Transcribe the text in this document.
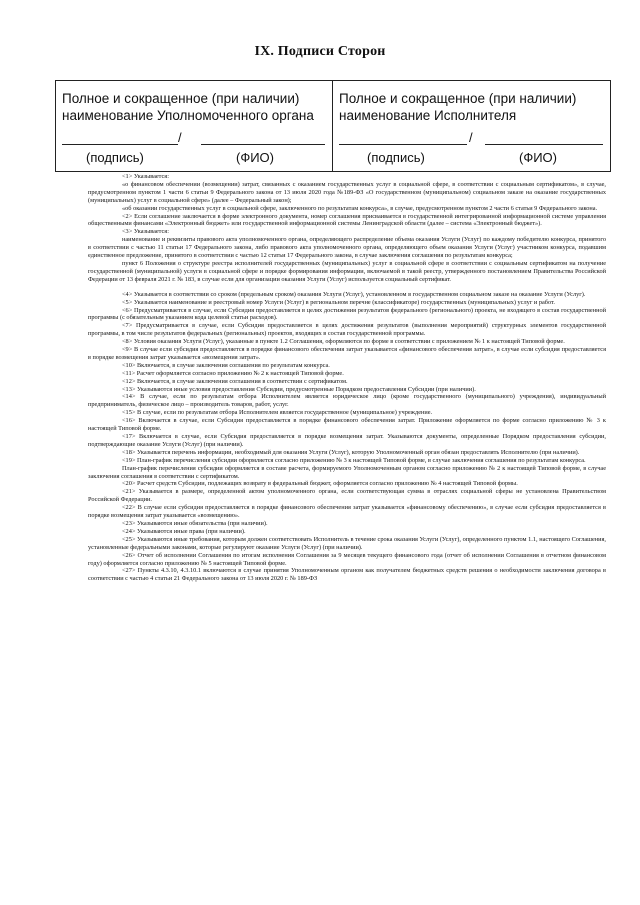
IX. Подписи Сторон
Полное и сокращенное (при наличии) наименование Уполномоченного органа
/
(подпись)	(ФИО)
Полное и сокращенное (при наличии) наименование Исполнителя
/
(подпись)	(ФИО)

<1> Указывается:

«о финансовом обеспечении (возмещении) затрат, связанных с оказанием государственных услуг в социальной сфере, в соответствии с социальным сертификатом», в случае, предусмотренном пунктом 1 части 6 статьи 9 Федерального закона от 13 июля 2020 года №189-ФЗ «О государственном (муниципальном) социальном заказе на оказание государственных (муниципальных) услуг в социальной сфере» (далее – Федеральный закон);

«об оказании государственных услуг в социальной сфере, заключенного по результатам конкурса», в случае, предусмотренном пунктом 2 части 6 статьи 9 Федерального закона.

<2> Если соглашение заключается в форме электронного документа, номер соглашения присваивается в государственной интегрированной информационной системе управления общественными финансами «Электронный бюджет» или государственной информационной системы Ленинградской области (далее – система «Электронный бюджет»).

<3> Указывается:

наименование и реквизиты правового акта уполномоченного органа, определяющего распределение объема оказания Услуги (Услуг) по каждому победителю конкурса, принятого в соответствии с частью 11 статьи 17 Федерального закона, либо правового акта уполномоченного органа, определяющего объем оказания Услуги (Услуг) участником конкурса, подавшим единственное предложение, принятого в соответствии с частью 12 статьи 17 Федерального закона, в случае заключения соглашения по результатам конкурса;

пункт 6 Положения о структуре реестра исполнителей государственных (муниципальных) услуг в социальной сфере в соответствии с социальным сертификатом на получение государственной (муниципальной) услуги в социальной сфере и порядке формирования информации, включаемой в такой реестр, утвержденного постановлением Правительства Российской Федерации от 13 февраля 2021 г. № 183, в случае если для организации оказания Услуги (Услуг) используется социальный сертификат.

<4> Указывается в соответствии со сроком (предельным сроком) оказания Услуги (Услуг), установленном в государственном социальном заказе на оказание Услуги (Услуг).

<5> Указывается наименование и реестровый номер Услуги (Услуг) в региональном перечне (классификаторе) государственных (муниципальных) услуг и работ.

<6> Предусматривается в случае, если Субсидия предоставляется в целях достижения результатов федерального (регионального) проекта, не входящего в состав государственной программы (с обязательным указанием кода целевой статьи расходов).

<7> Предусматривается в случае, если Субсидия предоставляется в целях достижения результатов (выполнения мероприятий) структурных элементов государственной программы, в том числе результатов федеральных (региональных) проектов, входящих в состав государственной программы.

<8> Условия оказания Услуги (Услуг), указанные в пункте 1.2 Соглашения, оформляются по форме в соответствии с приложением № 1 к настоящей Типовой форме.

<9> В случае если субсидия предоставляется в порядке финансового обеспечения затрат указывается «финансового обеспечения затрат», в случае если субсидия предоставляется в порядке возмещения затрат указывается «возмещения затрат».

<10> Включается, в случае заключения соглашения по результатам конкурса.

<11> Расчет оформляется согласно приложению № 2 к настоящей Типовой форме.

<12> Включается, в случае заключения соглашения в соответствии с сертификатом.

<13> Указываются иные условия предоставления Субсидии, предусмотренные Порядком предоставления Субсидии (при наличии).

<14> В случае, если по результатам отбора Исполнителем является юридическое лицо (кроме государственного (муниципального) учреждения), индивидуальный предприниматель, физическое лицо – производитель товаров, работ, услуг.

<15> В случае, если по результатам отбора Исполнителем является государственное (муниципальное) учреждение.

<16> Включается в случае, если Субсидия предоставляется в порядке финансового обеспечения затрат. Приложение оформляется по форме согласно приложению № 3 к настоящей Типовой форме.

<17> Включается в случае, если Субсидия предоставляется в порядке возмещения затрат. Указываются документы, определенные Порядком предоставления субсидии, подтверждающие оказание Услуги (Услуг) (при наличии).

<18> Указывается перечень информации, необходимый для оказания Услуги (Услуг), которую Уполномоченный орган обязан предоставлять Исполнителю (при наличии).

<19> План-график перечисления субсидии оформляется согласно приложению № 3 к настоящей Типовой форме, в случае заключения соглашения по результатам конкурса.

План-график перечисления субсидии оформляется в составе расчета, формируемого Уполномоченным органом согласно приложению № 2 к настоящей Типовой форме, в случае заключения соглашения в соответствии с сертификатом.

<20> Расчет средств Субсидии, подлежащих возврату в федеральный бюджет, оформляется согласно приложению № 4 настоящей Типовой формы.

<21> Указывается в размере, определенной актом уполномоченного органа, если соответствующая сумма в отраслях социальной сферы не установлена Правительством Российской Федерации.

<22> В случае если субсидия предоставляется в порядке финансового обеспечения затрат указывается «финансовому обеспечению», в случае если субсидия предоставляется в порядке возмещения затрат указывается «возмещению».

<23> Указываются иные обязательства (при наличии).

<24> Указываются иные права (при наличии).

<25> Указываются иные требования, которым должен соответствовать Исполнитель в течение срока оказания Услуги (Услуг), определенного пунктом 1.1, настоящего Соглашения, установленные федеральными законами, которые регулируют оказание Услуги (Услуг) (при наличии).

<26> Отчет об исполнении Соглашения по итогам исполнения Соглашения за 9 месяцев текущего финансового года (отчет об исполнении Соглашения в отчетном финансовом году) оформляется согласно приложению № 5 настоящей Типовой форме.

<27> Пункты 4.3.10, 4.3.10.1 включаются в случае принятия Уполномоченным органом как получателем бюджетных средств решения о необходимости заключения договора в соответствии с частью 4 статьи 21 Федерального закона от 13 июля 2020 г. № 189-ФЗ
